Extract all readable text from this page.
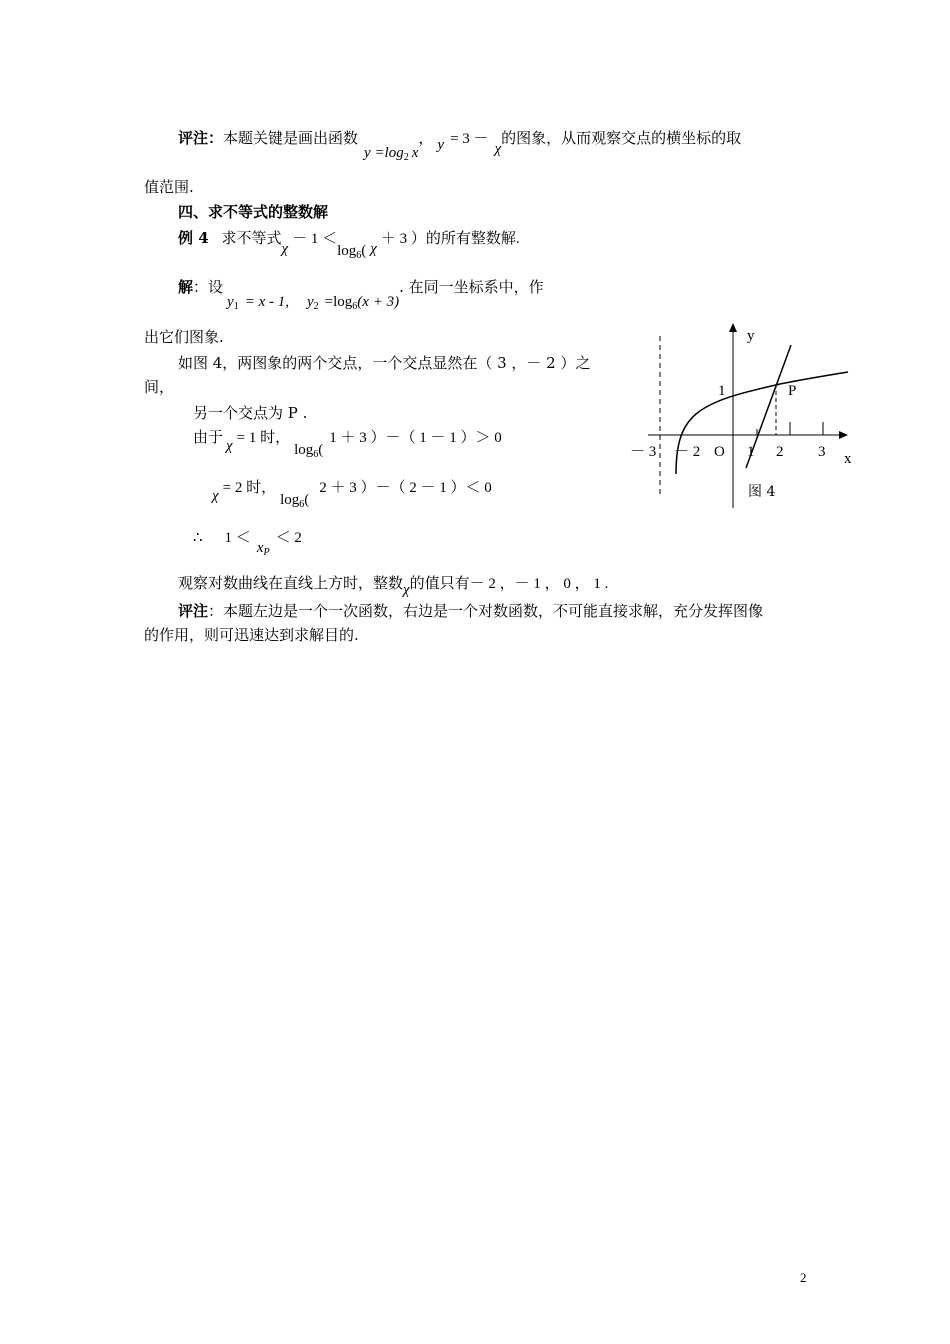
评注：本题关键是画出函数$y =\log_2$ x， y = 3 －χ的图象，从而观察交点的横坐标的取
值范围.
四、求不等式的整数解
例 4 求不等式$\chi- 1 <\log_6$( χ＋ 3 ）的所有整数解.
解：设$y_1 = x - 1$, $y_2 =\log_6(x + 3)$. 在同一坐标系中，作
出它们图象.
如图 4，两图象的两个交点，一个交点显然在（ 3 ，－ 2 ）之
间，
另一个交点为 P .
由于 χ = 1 时，$\log_6(1 + 3$ ）－（ 1 － 1 ）＞ 0
χ = 2 时，$\log_6(2 + 3$ ）－（ 2 － 1 ）＜ 0
∴ $1 <x_P< 2$
观察对数曲线在直线上方时，整数χ的值只有－ 2 ，－ 1 ， 0 ， 1 .
评注：本题左边是一个一次函数，右边是一个对数函数，不可能直接求解，充分发挥图像
的作用，则可迅速达到求解目的.
y
x
1	P
O
－ 3 － 2	1 2 3
图 4
2
